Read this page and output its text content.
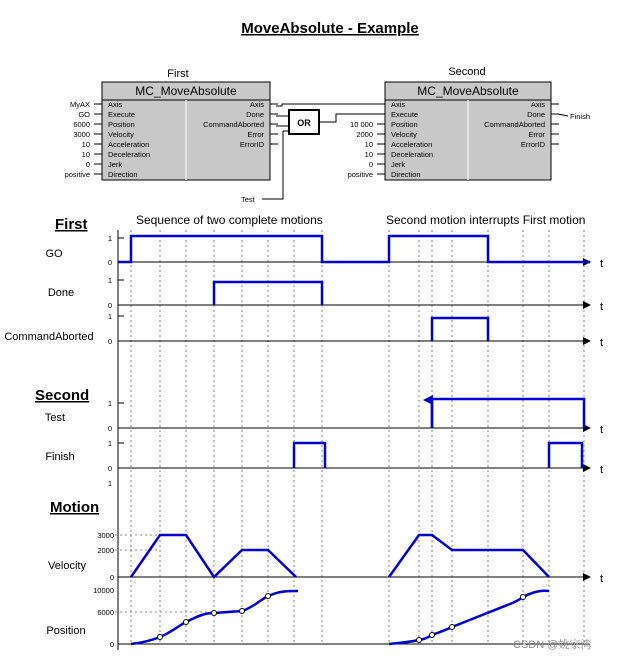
MoveAbsolute - Example
First
MC_MoveAbsolute
Axis
MyAX
Execute
GO
Position
6000
Velocity
3000
Acceleration
10
Deceleration
10
Jerk
0
Direction
positive
Axis
Done
CommandAborted
Error
ErrorID
Second
MC_MoveAbsolute
Axis
Execute
Position
10 000
Velocity
2000
Acceleration
10
Deceleration
10
Jerk
0
Direction
positive
Axis
Done
CommandAborted
Error
ErrorID
OR
Test
Finish
First
Second
Motion
Sequence of two complete motions	Second motion interrupts First motion
GO
Done
CommandAborted
Test
Finish
Velocity
Position
1
0	t
1
0	t
1
0	t
1
0	t
1
0	t
3000
2000
0	t
1
10000
6000
0	CSDN @姚家湾
